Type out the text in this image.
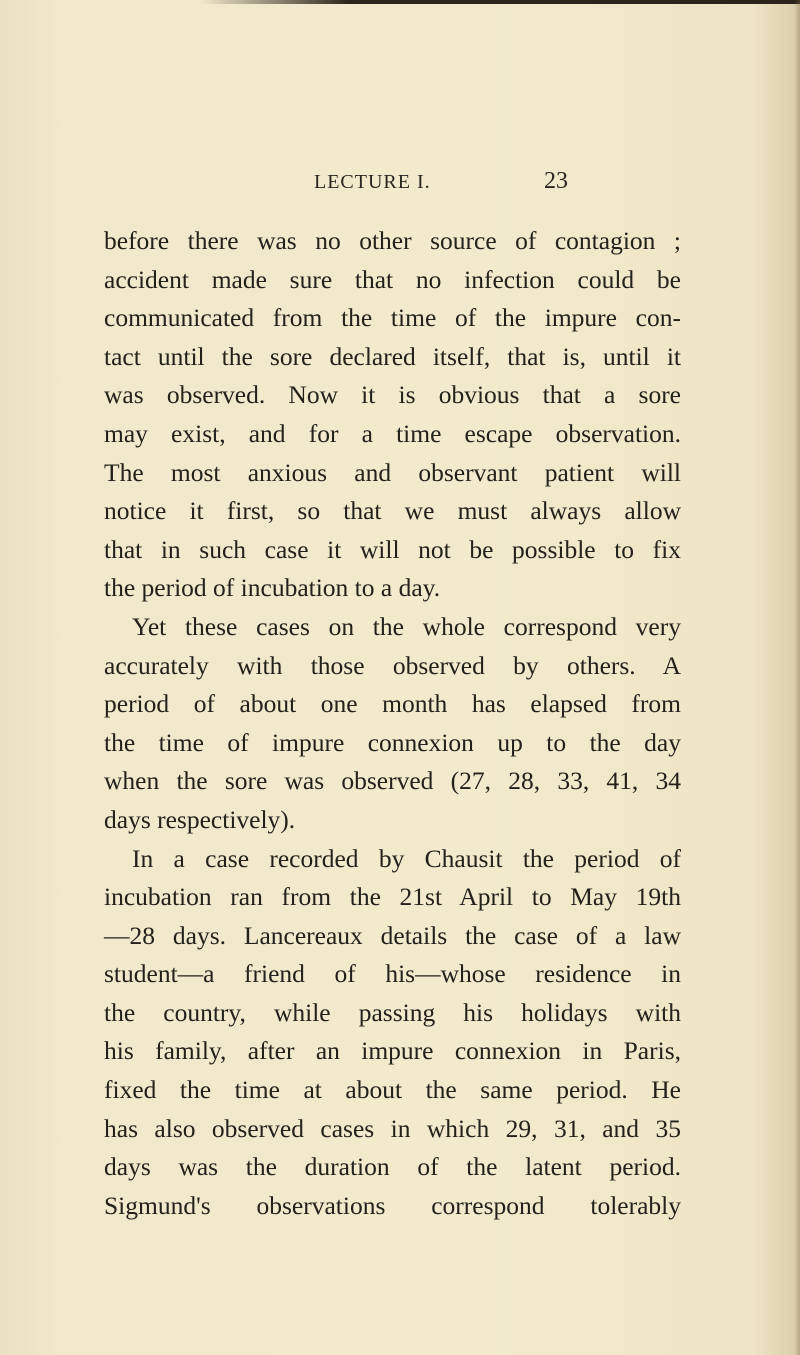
LECTURE I.	23
before there was no other source of contagion ;
accident made sure that no infection could be
communicated from the time of the impure con-
tact until the sore declared itself, that is, until it
was observed. Now it is obvious that a sore
may exist, and for a time escape observation.
The most anxious and observant patient will
notice it first, so that we must always allow
that in such case it will not be possible to fix
the period of incubation to a day.
Yet these cases on the whole correspond very
accurately with those observed by others. A
period of about one month has elapsed from
the time of impure connexion up to the day
when the sore was observed (27, 28, 33, 41, 34
days respectively).
In a case recorded by Chausit the period of
incubation ran from the 21st April to May 19th
—28 days. Lancereaux details the case of a law
student—a friend of his—whose residence in
the country, while passing his holidays with
his family, after an impure connexion in Paris,
fixed the time at about the same period. He
has also observed cases in which 29, 31, and 35
days was the duration of the latent period.
Sigmund's observations correspond tolerably
